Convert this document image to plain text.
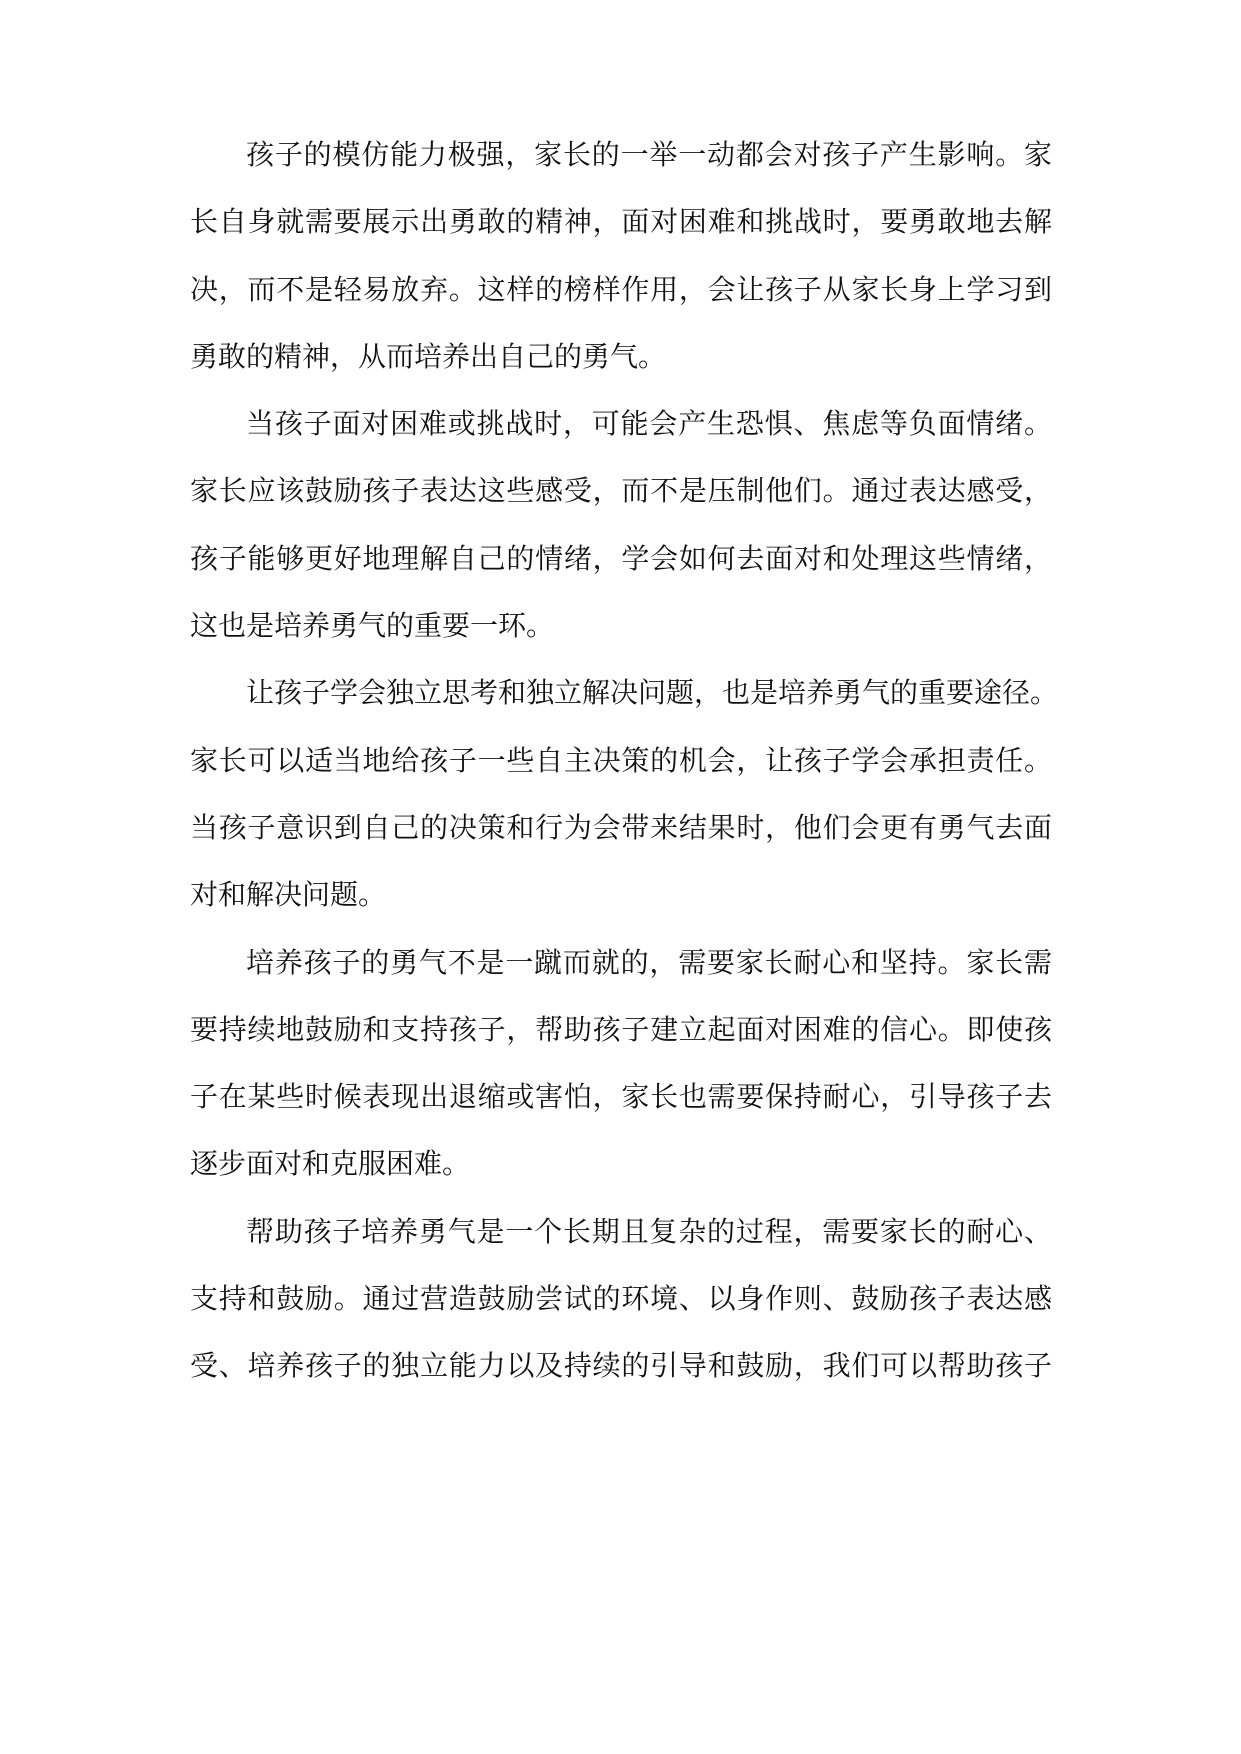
孩子的模仿能力极强，家长的一举一动都会对孩子产生影响。家
长自身就需要展示出勇敢的精神，面对困难和挑战时，要勇敢地去解
决，而不是轻易放弃。这样的榜样作用，会让孩子从家长身上学习到
勇敢的精神，从而培养出自己的勇气。
当孩子面对困难或挑战时，可能会产生恐惧、焦虑等负面情绪。
家长应该鼓励孩子表达这些感受，而不是压制他们。通过表达感受，
孩子能够更好地理解自己的情绪，学会如何去面对和处理这些情绪，
这也是培养勇气的重要一环。
让孩子学会独立思考和独立解决问题，也是培养勇气的重要途径。
家长可以适当地给孩子一些自主决策的机会，让孩子学会承担责任。
当孩子意识到自己的决策和行为会带来结果时，他们会更有勇气去面
对和解决问题。
培养孩子的勇气不是一蹴而就的，需要家长耐心和坚持。家长需
要持续地鼓励和支持孩子，帮助孩子建立起面对困难的信心。即使孩
子在某些时候表现出退缩或害怕，家长也需要保持耐心，引导孩子去
逐步面对和克服困难。
帮助孩子培养勇气是一个长期且复杂的过程，需要家长的耐心、
支持和鼓励。通过营造鼓励尝试的环境、以身作则、鼓励孩子表达感
受、培养孩子的独立能力以及持续的引导和鼓励，我们可以帮助孩子
